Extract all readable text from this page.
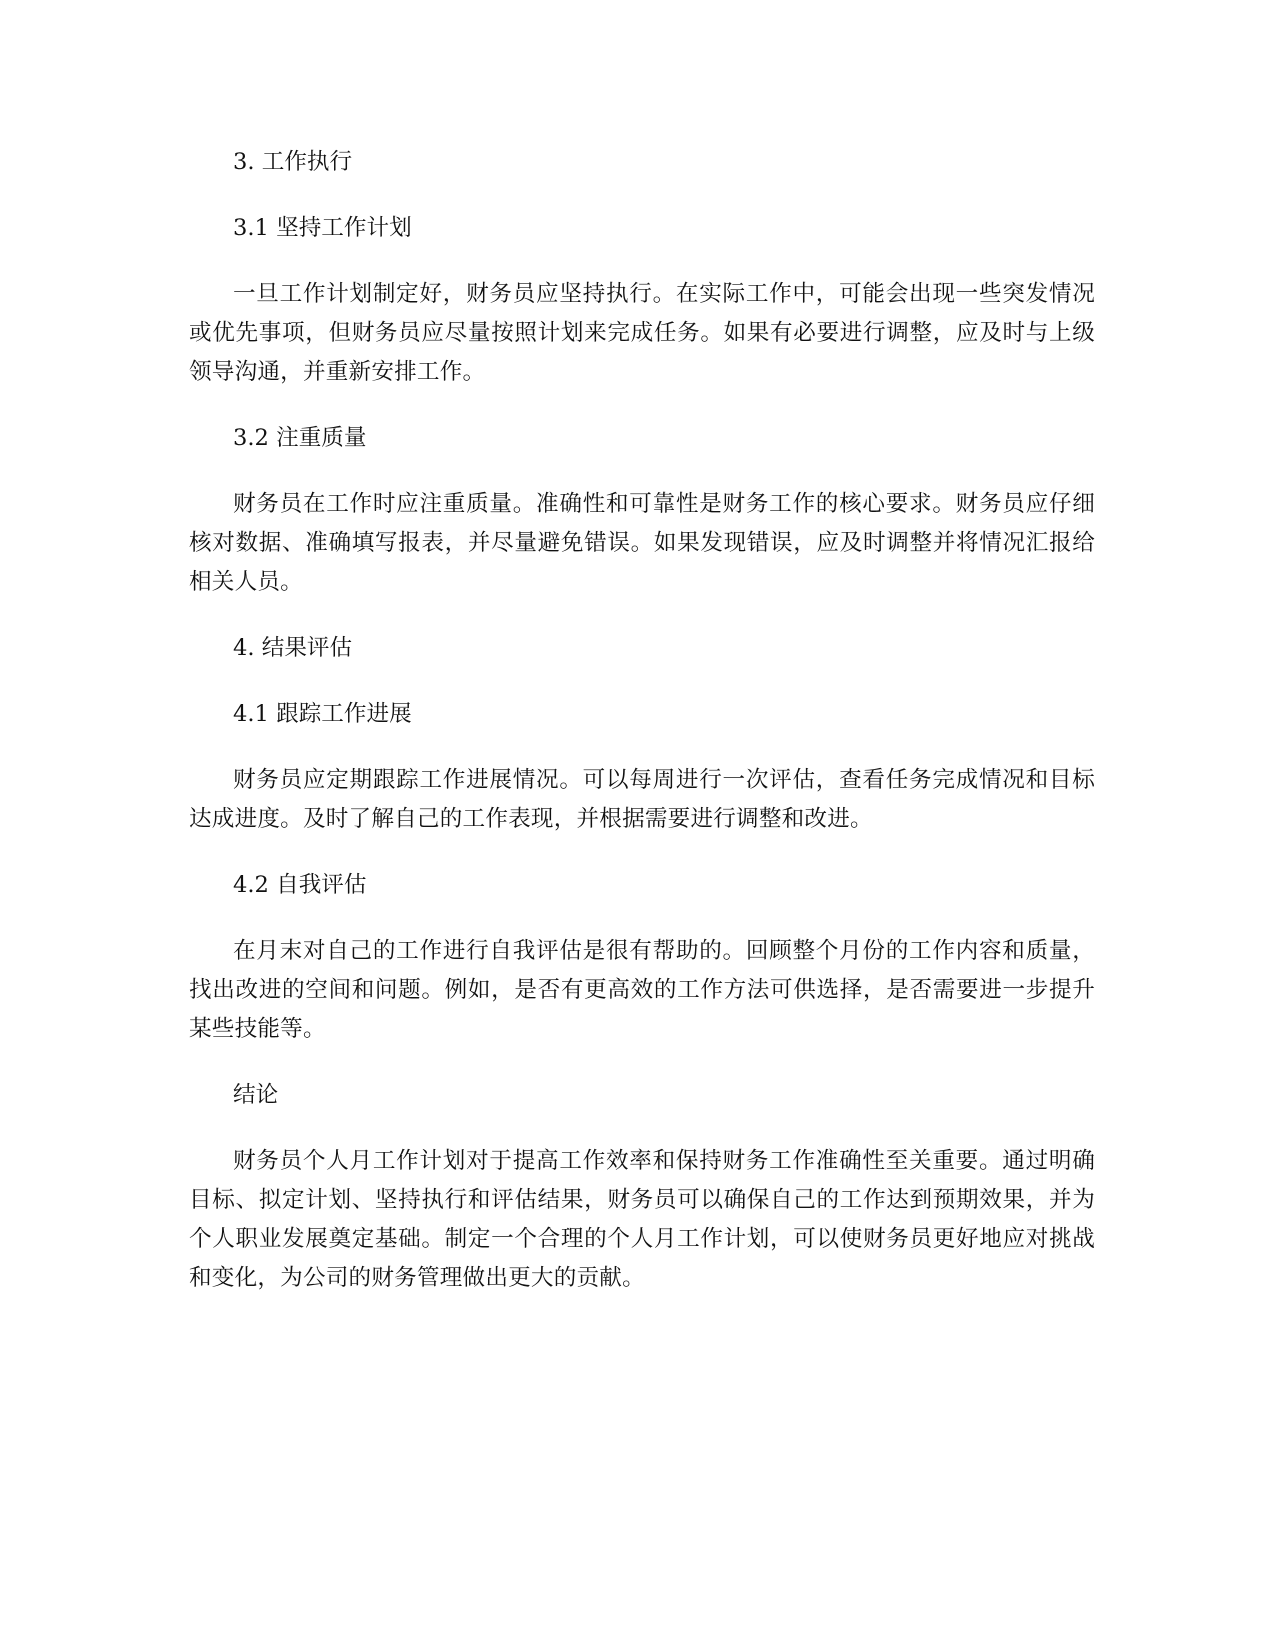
3. 工作执行

3.1 坚持工作计划

一旦工作计划制定好，财务员应坚持执行。在实际工作中，可能会出现一些突发情况或优先事项，但财务员应尽量按照计划来完成任务。如果有必要进行调整，应及时与上级领导沟通，并重新安排工作。

3.2 注重质量

财务员在工作时应注重质量。准确性和可靠性是财务工作的核心要求。财务员应仔细核对数据、准确填写报表，并尽量避免错误。如果发现错误，应及时调整并将情况汇报给相关人员。

4. 结果评估

4.1 跟踪工作进展

财务员应定期跟踪工作进展情况。可以每周进行一次评估，查看任务完成情况和目标达成进度。及时了解自己的工作表现，并根据需要进行调整和改进。

4.2 自我评估

在月末对自己的工作进行自我评估是很有帮助的。回顾整个月份的工作内容和质量，找出改进的空间和问题。例如，是否有更高效的工作方法可供选择，是否需要进一步提升某些技能等。

结论

财务员个人月工作计划对于提高工作效率和保持财务工作准确性至关重要。通过明确目标、拟定计划、坚持执行和评估结果，财务员可以确保自己的工作达到预期效果，并为个人职业发展奠定基础。制定一个合理的个人月工作计划，可以使财务员更好地应对挑战和变化，为公司的财务管理做出更大的贡献。
